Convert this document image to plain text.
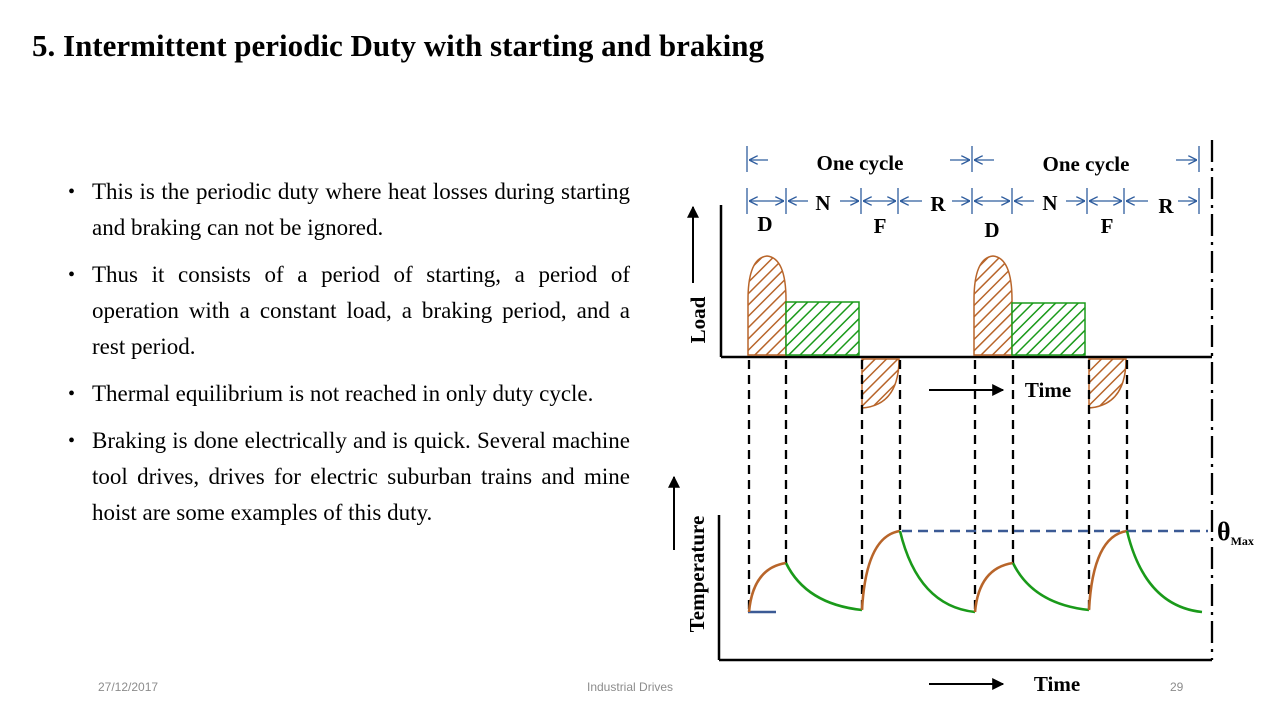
5. Intermittent periodic Duty with starting and braking
• This is the periodic duty where heat losses during starting and braking can not be ignored.
• Thus it consists of a period of starting, a period of operation with a constant load, a braking period, and a rest period.
• Thermal equilibrium is not reached in only duty cycle.
• Braking is done electrically and is quick. Several machine tool drives, drives for electric suburban trains and mine hoist are some examples of this duty.
One cycle	One cycle
N	R	N	R
D	F	D	F
Load
Time
Temperature	θMax
Time
27/12/2017	Industrial Drives	29
